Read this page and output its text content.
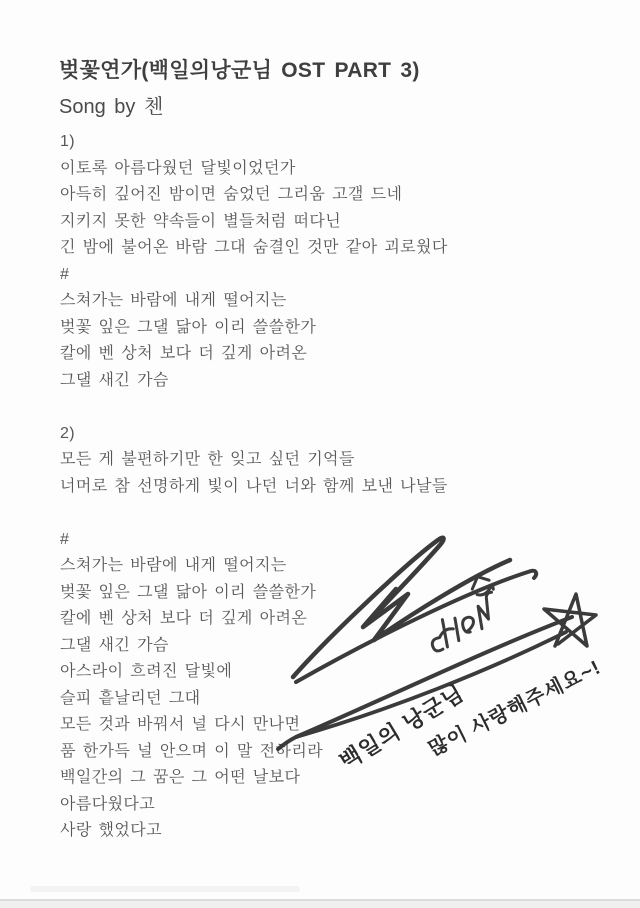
벚꽃연가(백일의낭군님 OST PART 3)
Song by 첸
1)
이토록 아름다웠던 달빛이었던가
아득히 깊어진 밤이면 숨었던 그리움 고갤 드네
지키지 못한 약속들이 별들처럼 떠다닌
긴 밤에 불어온 바람 그대 숨결인 것만 같아 괴로웠다
#
스쳐가는 바람에 내게 떨어지는
벚꽃 잎은 그댈 닮아 이리 쓸쓸한가
칼에 벤 상처 보다 더 깊게 아려온
그댈 새긴 가슴
2)
모든 게 불편하기만 한 잊고 싶던 기억들
너머로 참 선명하게 빛이 나던 너와 함께 보낸 나날들
#
스쳐가는 바람에 내게 떨어지는
벚꽃 잎은 그댈 닮아 이리 쓸쓸한가
칼에 벤 상처 보다 더 깊게 아려온
그댈 새긴 가슴
아스라이 흐려진 달빛에
슬피 흩날리던 그대
모든 것과 바꿔서 널 다시 만나면
품 한가득 널 안으며 이 말 전하리라
백일간의 그 꿈은 그 어떤 날보다
아름다웠다고
사랑 했었다고
백일의 낭군님
많이 사랑해주세요~!
